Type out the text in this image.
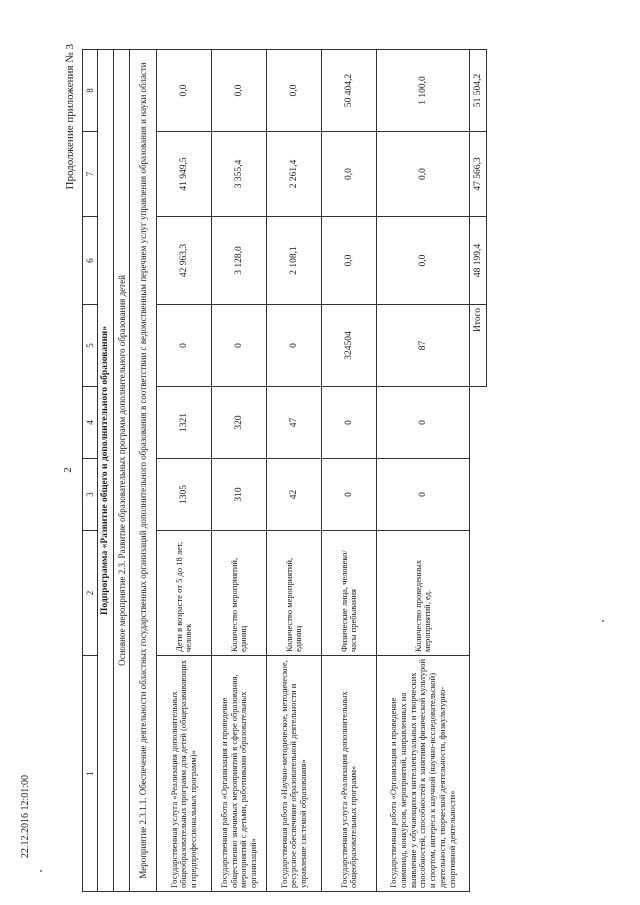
2
Продолжение приложения № 3
1	2	3	4	5	6	7	8
Подпрограмма «Развитие общего и дополнительного образования»							
Основное мероприятие 2.3. Развитие образовательных программ дополнительного образования детей							
Мероприятие 2.3.1.1. Обеспечение деятельности областных государственных организаций дополнительного образования в соответствии с ведомственным перечнем услуг управления образования и науки области							
Государственная услуга «Реализация дополнительных общеобразовательных программ для детей (общеразвивающих и предпрофессиональных программ)»	Дети в возрасте от 5 до 18 лет, человек	1305	1321	0	42 963,3	41 949,5	0,0
Государственная работа «Организация и проведение общественно значимых мероприятий в сфере образования, мероприятий с детьми, работниками образовательных организаций»	Количество мероприятий, единиц	310	320	0	3 128,0	3 355,4	0,0
Государственная работа «Научно-методическое, методическое, ресурсное обеспечение образовательной деятельности и управление системой образования»	Количество мероприятий, единиц	42	47	0	2 108,1	2 261,4	0,0
Государственная услуга «Реализация дополнительных общеобразовательных программ»	Физические лица, человеко/часы пребывания	0	0	324504	0,0	0,0	50 404,2
Государственная работа «Организация и проведение олимпиад, конкурсов, мероприятий, направленных на выявление у обучающихся интеллектуальных и творческих способностей, способностей к занятиям физической культурой и спортом, интереса к научной (научно-исследовательской) деятельности, творческой деятельности, физкультурно-спортивной деятельности»	Количество проведенных мероприятий, ед.	0	0	87	0,0	0,0	1 100,0
				Итого	48 199,4	47 566,3	51 504,2
22.12.2016 12:01:00
